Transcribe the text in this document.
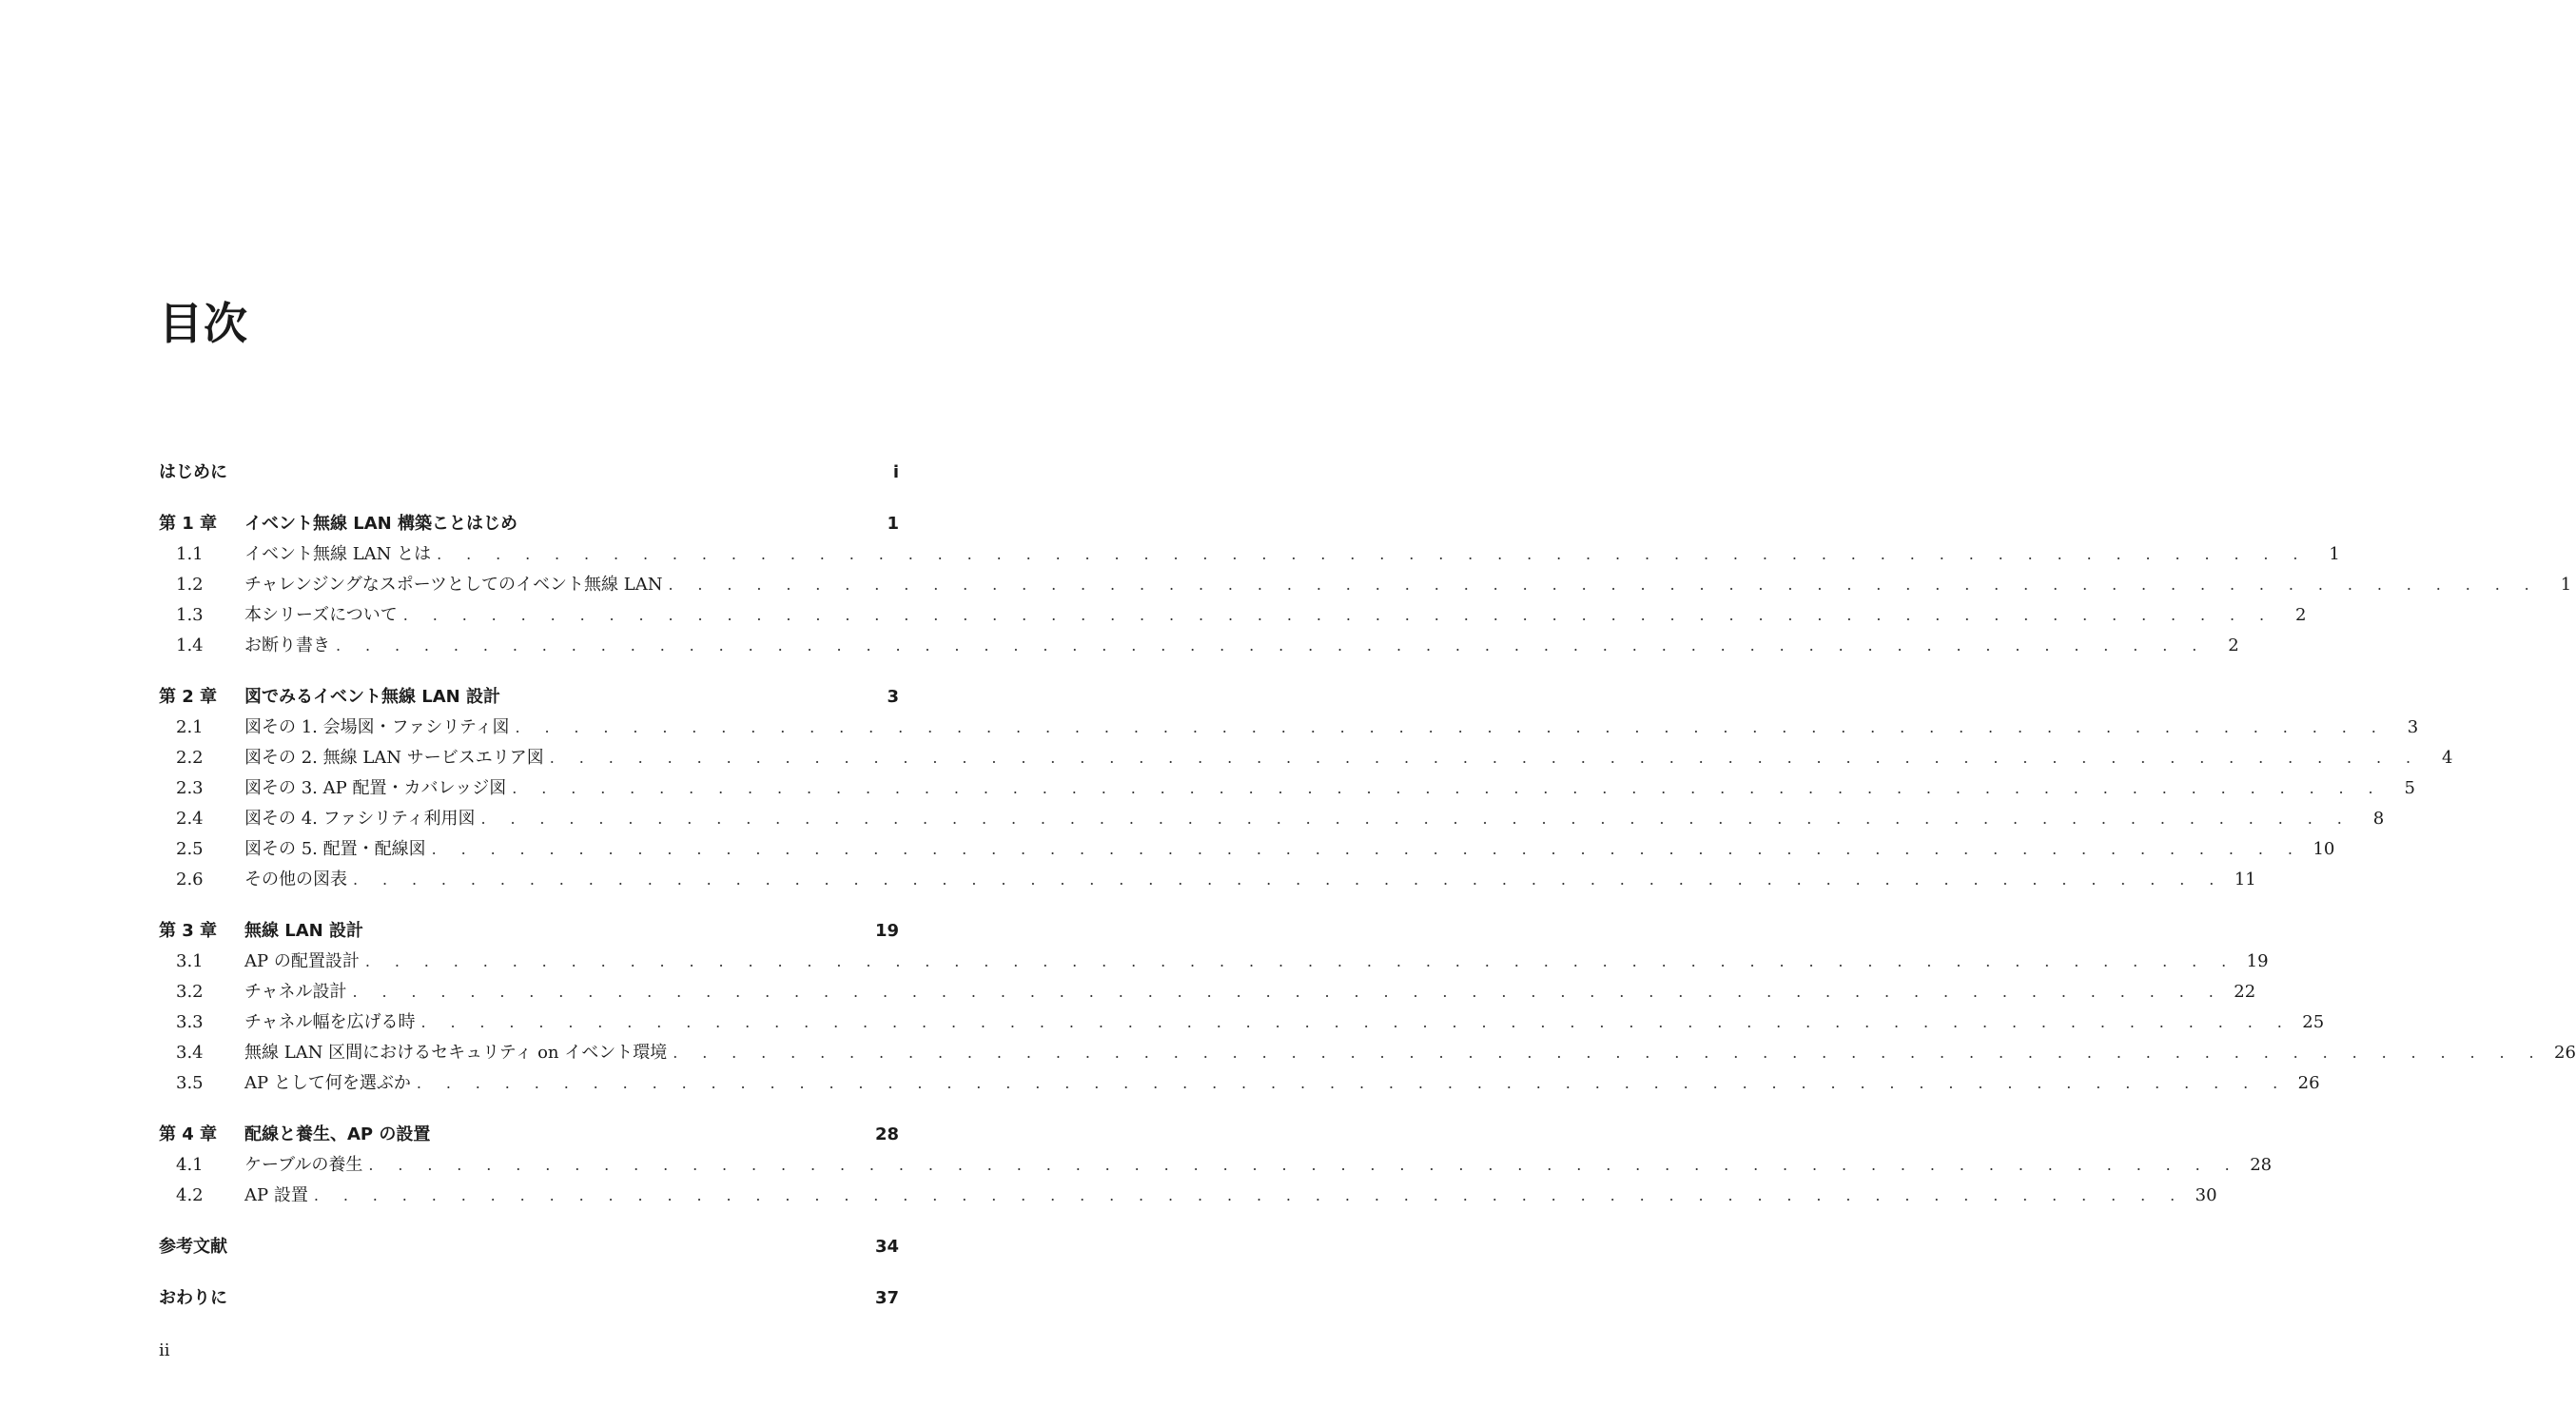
目次
はじめに	i
第 1 章	イベント無線 LAN 構築ことはじめ	1
1.1	イベント無線 LAN とは . . . . . . . . . . . . . . . . . . . . . . . . . . . . . . . . . . . . . . . . . . . . . . . . . . . . . . . . . . . . . . . .	1
1.2	チャレンジングなスポーツとしてのイベント無線 LAN . . . . . . . . . . . . . . . . . . . . . . . . . . . . . . . . . . . . . . . . . . . . . . . . . . . . . . . . . . . . . . . .	1
1.3	本シリーズについて . . . . . . . . . . . . . . . . . . . . . . . . . . . . . . . . . . . . . . . . . . . . . . . . . . . . . . . . . . . . . . . .	2
1.4	お断り書き . . . . . . . . . . . . . . . . . . . . . . . . . . . . . . . . . . . . . . . . . . . . . . . . . . . . . . . . . . . . . . . .	2
第 2 章	図でみるイベント無線 LAN 設計	3
2.1	図その 1. 会場図・ファシリティ図 . . . . . . . . . . . . . . . . . . . . . . . . . . . . . . . . . . . . . . . . . . . . . . . . . . . . . . . . . . . . . . . .	3
2.2	図その 2. 無線 LAN サービスエリア図 . . . . . . . . . . . . . . . . . . . . . . . . . . . . . . . . . . . . . . . . . . . . . . . . . . . . . . . . . . . . . . . .	4
2.3	図その 3. AP 配置・カバレッジ図 . . . . . . . . . . . . . . . . . . . . . . . . . . . . . . . . . . . . . . . . . . . . . . . . . . . . . . . . . . . . . . . .	5
2.4	図その 4. ファシリティ利用図 . . . . . . . . . . . . . . . . . . . . . . . . . . . . . . . . . . . . . . . . . . . . . . . . . . . . . . . . . . . . . . . .	8
2.5	図その 5. 配置・配線図 . . . . . . . . . . . . . . . . . . . . . . . . . . . . . . . . . . . . . . . . . . . . . . . . . . . . . . . . . . . . . . . . 10
2.6	その他の図表 . . . . . . . . . . . . . . . . . . . . . . . . . . . . . . . . . . . . . . . . . . . . . . . . . . . . . . . . . . . . . . . . 11
第 3 章	無線 LAN 設計	19
3.1	AP の配置設計 . . . . . . . . . . . . . . . . . . . . . . . . . . . . . . . . . . . . . . . . . . . . . . . . . . . . . . . . . . . . . . . . 19
3.2	チャネル設計 . . . . . . . . . . . . . . . . . . . . . . . . . . . . . . . . . . . . . . . . . . . . . . . . . . . . . . . . . . . . . . . . 22
3.3	チャネル幅を広げる時 . . . . . . . . . . . . . . . . . . . . . . . . . . . . . . . . . . . . . . . . . . . . . . . . . . . . . . . . . . . . . . . . 25
3.4	無線 LAN 区間におけるセキュリティ on イベント環境 . . . . . . . . . . . . . . . . . . . . . . . . . . . . . . . . . . . . . . . . . . . . . . . . . . . . . . . . . . . . . . . . 26
3.5	AP として何を選ぶか . . . . . . . . . . . . . . . . . . . . . . . . . . . . . . . . . . . . . . . . . . . . . . . . . . . . . . . . . . . . . . . . 26
第 4 章	配線と養生、AP の設置	28
4.1	ケーブルの養生 . . . . . . . . . . . . . . . . . . . . . . . . . . . . . . . . . . . . . . . . . . . . . . . . . . . . . . . . . . . . . . . . 28
4.2	AP 設置 . . . . . . . . . . . . . . . . . . . . . . . . . . . . . . . . . . . . . . . . . . . . . . . . . . . . . . . . . . . . . . . . 30
参考文献	34
おわりに	37
ii
